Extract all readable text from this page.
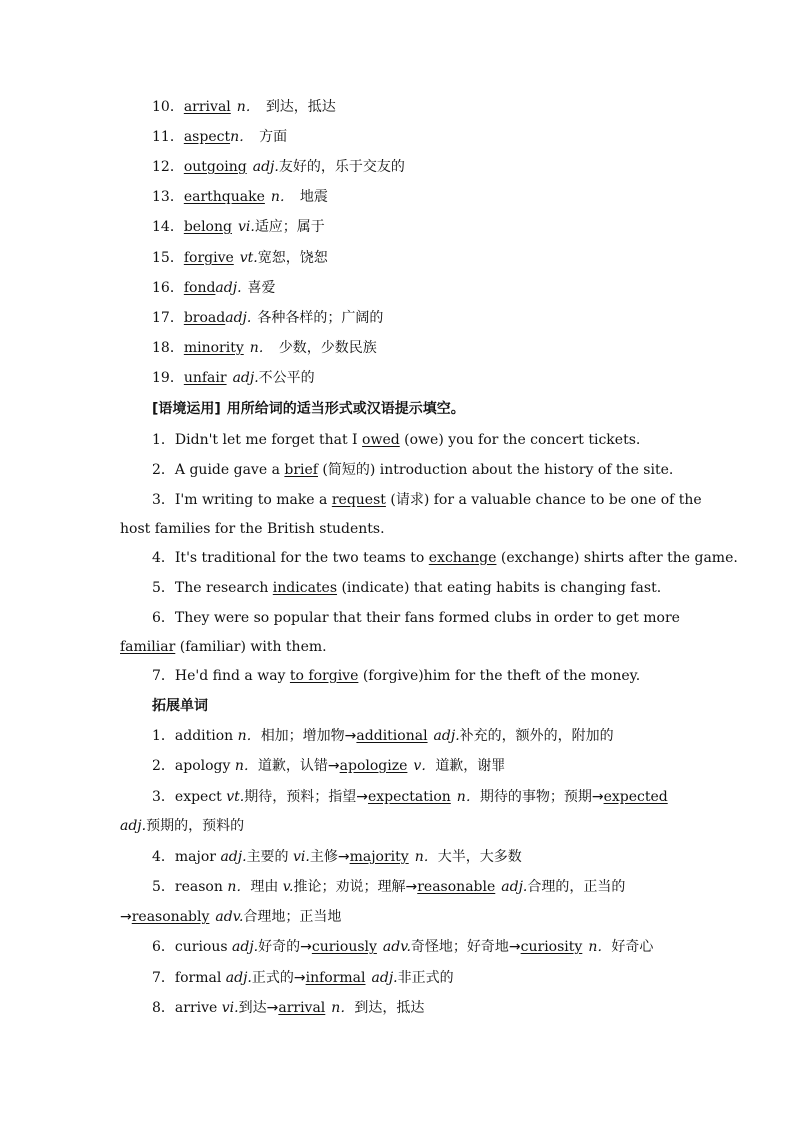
10．arrival n． 到达，抵达
11．aspectn． 方面
12．outgoing adj.友好的，乐于交友的
13．earthquake n． 地震
14．belong vi.适应；属于
15．forgive vt.宽恕，饶恕
16．fondadj. 喜爱
17．broadadj. 各种各样的；广阔的
18．minority n． 少数，少数民族
19．unfair adj.不公平的
[语境运用] 用所给词的适当形式或汉语提示填空。
1．Didn't let me forget that I owed (owe) you for the concert tickets.
2．A guide gave a brief (简短的) introduction about the history of the site.
3．I'm writing to make a request (请求) for a valuable chance to be one of the
host families for the British students.
4．It's traditional for the two teams to exchange (exchange) shirts after the game.
5．The research indicates (indicate) that eating habits is changing fast.
6．They were so popular that their fans formed clubs in order to get more
familiar (familiar) with them.
7．He'd find a way to forgive (forgive)him for the theft of the money.
拓展单词
1．addition n．相加；增加物→additional adj.补充的，额外的，附加的
2．apology n．道歉，认错→apologize v．道歉，谢罪
3．expect vt.期待，预料；指望→expectation n．期待的事物；预期→expected
adj.预期的，预料的
4．major adj.主要的 vi.主修→majority n．大半，大多数
5．reason n．理由 v.推论；劝说；理解→reasonable adj.合理的，正当的
→reasonably adv.合理地；正当地
6．curious adj.好奇的→curiously adv.奇怪地；好奇地→curiosity n．好奇心
7．formal adj.正式的→informal adj.非正式的
8．arrive vi.到达→arrival n．到达，抵达
